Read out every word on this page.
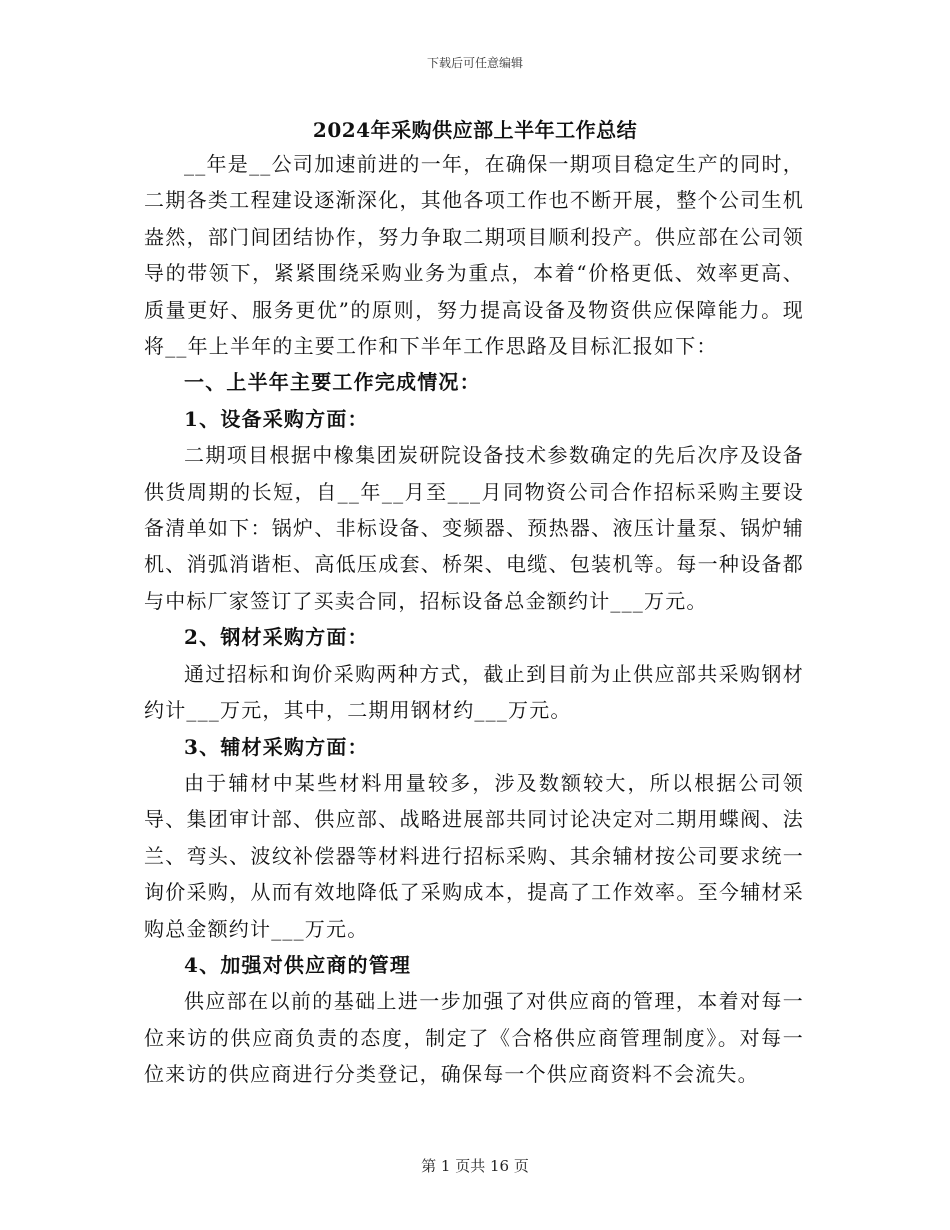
下载后可任意编辑
2024年采购供应部上半年工作总结

__年是__公司加速前进的一年，在确保一期项目稳定生产的同时，二期各类工程建设逐渐深化，其他各项工作也不断开展，整个公司生机盎然，部门间团结协作，努力争取二期项目顺利投产。供应部在公司领导的带领下，紧紧围绕采购业务为重点，本着“价格更低、效率更高、质量更好、服务更优”的原则，努力提高设备及物资供应保障能力。现将__年上半年的主要工作和下半年工作思路及目标汇报如下：

一、上半年主要工作完成情况：

1、设备采购方面：

二期项目根据中橡集团炭研院设备技术参数确定的先后次序及设备供货周期的长短，自__年__月至___月同物资公司合作招标采购主要设备清单如下：锅炉、非标设备、变频器、预热器、液压计量泵、锅炉辅机、消弧消谐柜、高低压成套、桥架、电缆、包装机等。每一种设备都与中标厂家签订了买卖合同，招标设备总金额约计___万元。

2、钢材采购方面：

通过招标和询价采购两种方式，截止到目前为止供应部共采购钢材约计___万元，其中，二期用钢材约___万元。

3、辅材采购方面：

由于辅材中某些材料用量较多，涉及数额较大，所以根据公司领导、集团审计部、供应部、战略进展部共同讨论决定对二期用蝶阀、法兰、弯头、波纹补偿器等材料进行招标采购、其余辅材按公司要求统一询价采购，从而有效地降低了采购成本，提高了工作效率。至今辅材采购总金额约计___万元。

4、加强对供应商的管理

供应部在以前的基础上进一步加强了对供应商的管理，本着对每一位来访的供应商负责的态度，制定了《合格供应商管理制度》。对每一位来访的供应商进行分类登记，确保每一个供应商资料不会流失。

第 1 页共 16 页
